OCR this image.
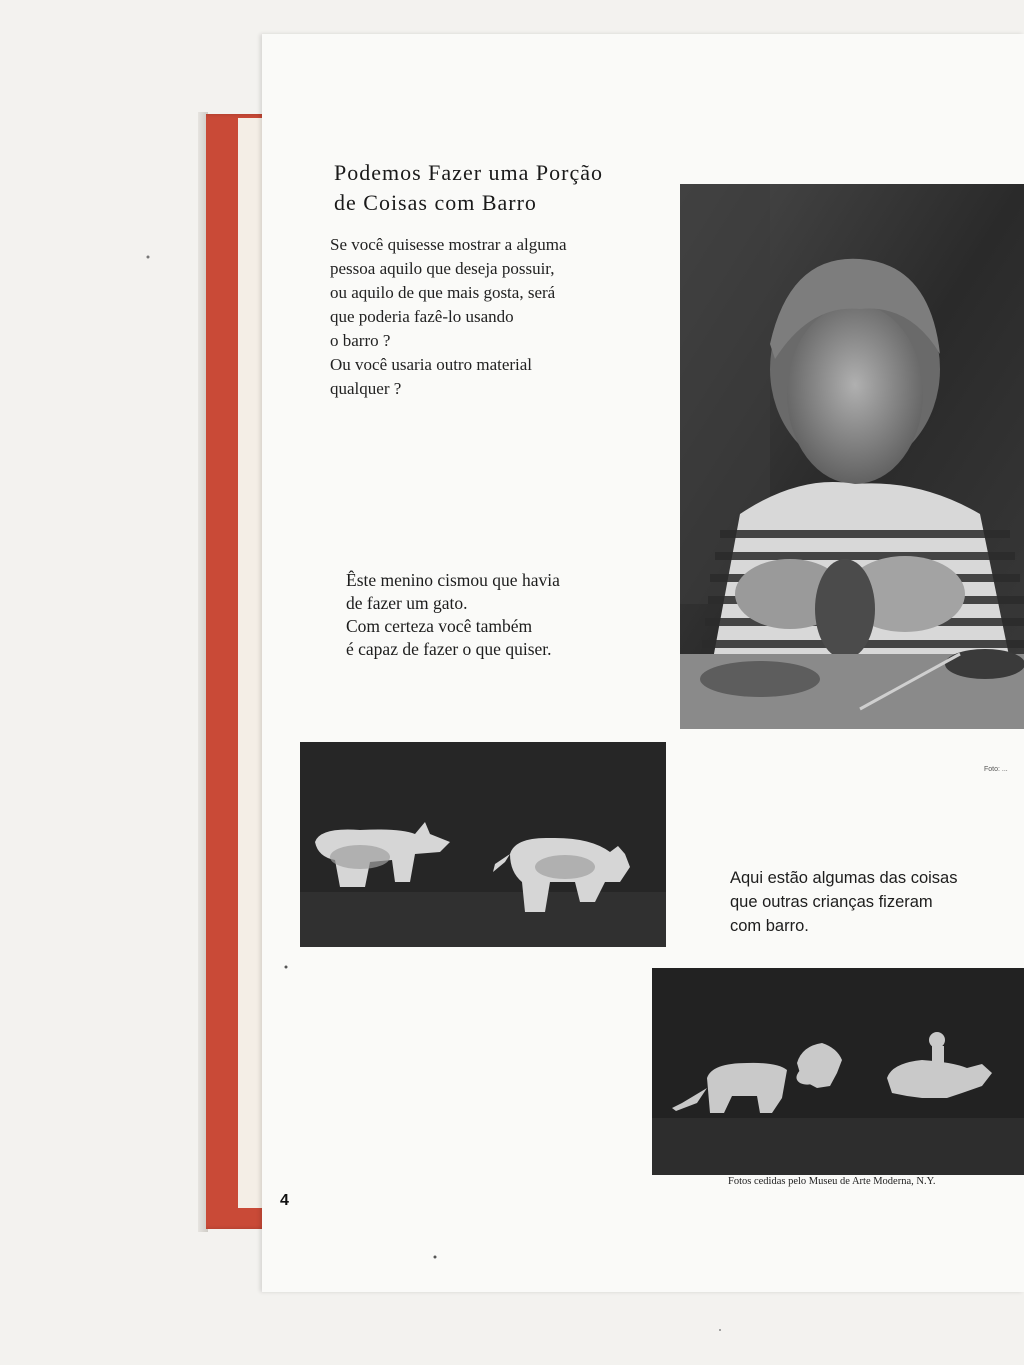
Podemos Fazer uma Porção
de Coisas com Barro
Se você quisesse mostrar a alguma
pessoa aquilo que deseja possuir,
ou aquilo de que mais gosta, será
que poderia fazê-lo usando
o barro ?
Ou você usaria outro material
qualquer ?
Foto: ...
Êste menino cismou que havia
de fazer um gato.
Com certeza você também
é capaz de fazer o que quiser.
Aqui estão algumas das coisas
que outras crianças fizeram
com barro.
Fotos cedidas pelo Museu de Arte Moderna, N.Y.
4
